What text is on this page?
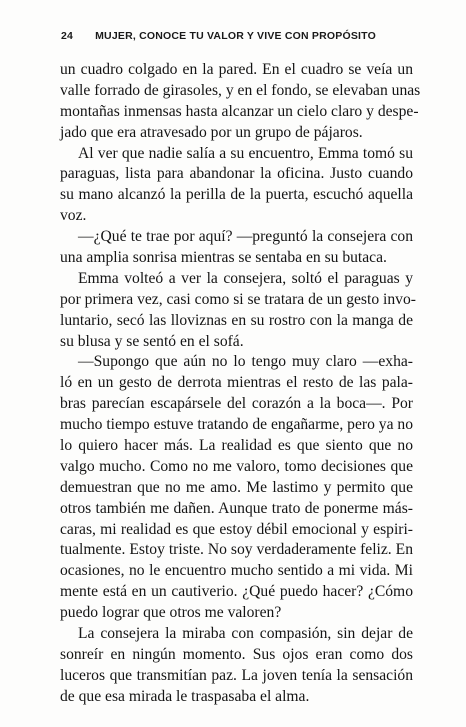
24 MUJER, CONOCE TU VALOR Y VIVE CON PROPÓSITO
un cuadro colgado en la pared. En el cuadro se veía un
valle forrado de girasoles, y en el fondo, se elevaban unas
montañas inmensas hasta alcanzar un cielo claro y despe-
jado que era atravesado por un grupo de pájaros.
Al ver que nadie salía a su encuentro, Emma tomó su
paraguas, lista para abandonar la oficina. Justo cuando
su mano alcanzó la perilla de la puerta, escuchó aquella
voz.
—¿Qué te trae por aquí? —preguntó la consejera con
una amplia sonrisa mientras se sentaba en su butaca.
Emma volteó a ver la consejera, soltó el paraguas y
por primera vez, casi como si se tratara de un gesto invo-
luntario, secó las lloviznas en su rostro con la manga de
su blusa y se sentó en el sofá.
—Supongo que aún no lo tengo muy claro —exha-
ló en un gesto de derrota mientras el resto de las pala-
bras parecían escapársele del corazón a la boca—. Por
mucho tiempo estuve tratando de engañarme, pero ya no
lo quiero hacer más. La realidad es que siento que no
valgo mucho. Como no me valoro, tomo decisiones que
demuestran que no me amo. Me lastimo y permito que
otros también me dañen. Aunque trato de ponerme más-
caras, mi realidad es que estoy débil emocional y espiri-
tualmente. Estoy triste. No soy verdaderamente feliz. En
ocasiones, no le encuentro mucho sentido a mi vida. Mi
mente está en un cautiverio. ¿Qué puedo hacer? ¿Cómo
puedo lograr que otros me valoren?
La consejera la miraba con compasión, sin dejar de
sonreír en ningún momento. Sus ojos eran como dos
luceros que transmitían paz. La joven tenía la sensación
de que esa mirada le traspasaba el alma.
